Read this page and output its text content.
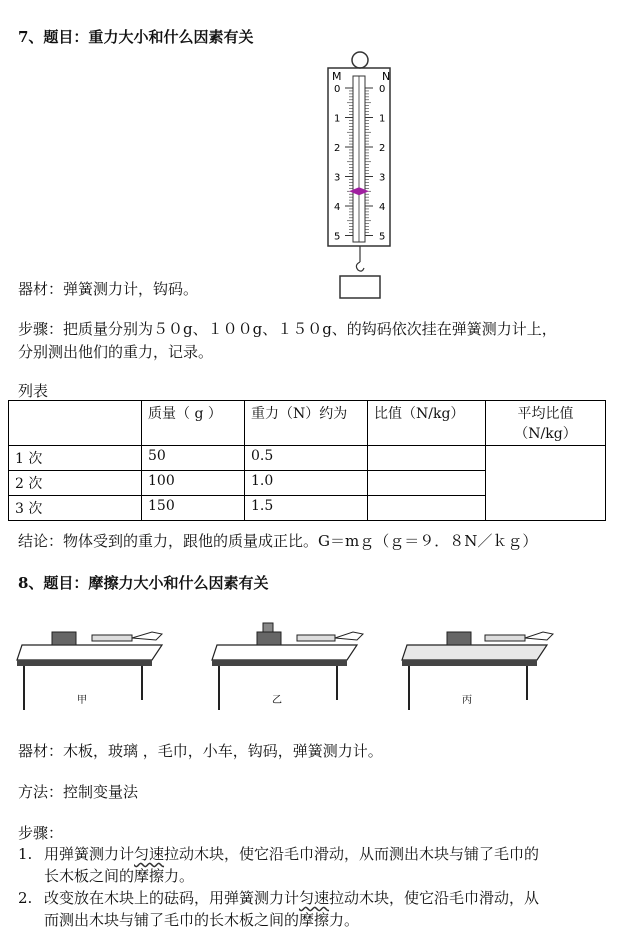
7、题目：重力大小和什么因素有关
M	N
0
1
2
3
4
5
0
1
2
3
4
5
器材：弹簧测力计，钩码。
步骤：把质量分别为５０g、１００g、１５０g、的钩码依次挂在弹簧测力计上，
分别测出他们的重力，记录。
列表
	质量（ g ）	重力（N）约为	比值（N/kg）	平均比值（N/kg）
1 次	50	0.5		
2 次	100	1.0		
3 次	150	1.5		
结论：物体受到的重力，跟他的质量成正比。G＝mｇ（ｇ＝９．８N／ｋｇ）
8、题目：摩擦力大小和什么因素有关
甲	乙	丙
器材：木板，玻璃 ，毛巾，小车，钩码，弹簧测力计。
方法：控制变量法
步骤：
1. 用弹簧测力计匀速拉动木块，使它沿毛巾滑动，从而测出木块与铺了毛巾的
长木板之间的摩擦力。
2. 改变放在木块上的砝码，用弹簧测力计匀速拉动木块，使它沿毛巾滑动，从
而测出木块与铺了毛巾的长木板之间的摩擦力。
